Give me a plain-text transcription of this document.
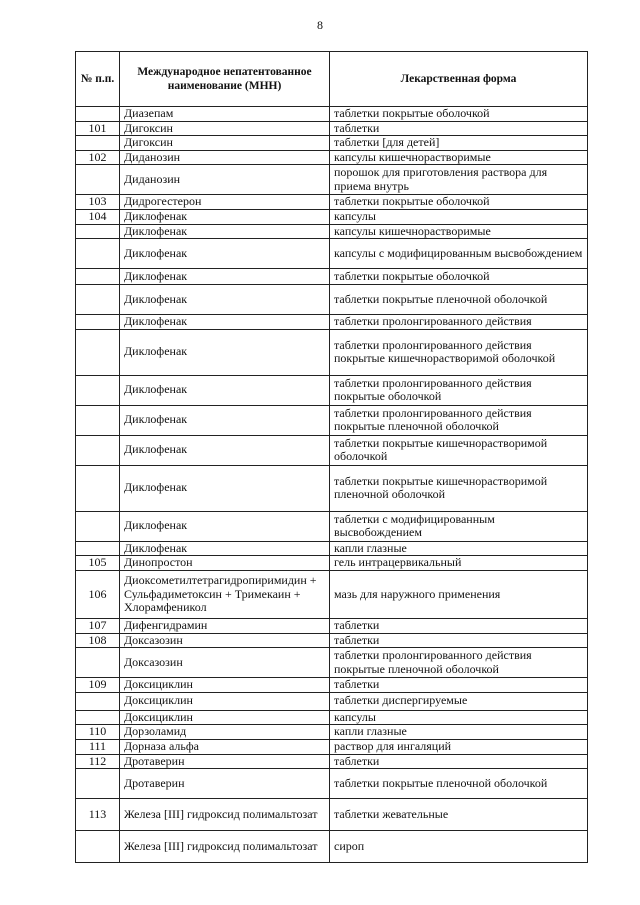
8
№ п.п.	Международное непатентованное наименование (МНН)	Лекарственная форма
	Диазепам	таблетки покрытые оболочкой
101	Дигоксин	таблетки
	Дигоксин	таблетки [для детей]
102	Диданозин	капсулы кишечнорастворимые
	Диданозин	порошок для приготовления раствора для приема внутрь
103	Дидрогестерон	таблетки покрытые оболочкой
104	Диклофенак	капсулы
	Диклофенак	капсулы кишечнорастворимые
	Диклофенак	капсулы с модифицированным высвобождением
	Диклофенак	таблетки покрытые оболочкой
	Диклофенак	таблетки покрытые пленочной оболочкой
	Диклофенак	таблетки пролонгированного действия
	Диклофенак	таблетки пролонгированного действия покрытые кишечнорастворимой оболочкой
	Диклофенак	таблетки пролонгированного действия покрытые оболочкой
	Диклофенак	таблетки пролонгированного действия покрытые пленочной оболочкой
	Диклофенак	таблетки покрытые кишечнорастворимой оболочкой
	Диклофенак	таблетки покрытые кишечнорастворимой пленочной оболочкой
	Диклофенак	таблетки с модифицированным высвобождением
	Диклофенак	капли глазные
105	Динопростон	гель интрацервикальный
106	Диоксометилтетрагидропиримидин + Сульфадиметоксин + Тримекаин + Хлорамфеникол	мазь для наружного применения
107	Дифенгидрамин	таблетки
108	Доксазозин	таблетки
	Доксазозин	таблетки пролонгированного действия покрытые пленочной оболочкой
109	Доксициклин	таблетки
	Доксициклин	таблетки диспергируемые
	Доксициклин	капсулы
110	Дорзоламид	капли глазные
111	Дорназа альфа	раствор для ингаляций
112	Дротаверин	таблетки
	Дротаверин	таблетки покрытые пленочной оболочкой
113	Железа [III] гидроксид полимальтозат	таблетки жевательные
	Железа [III] гидроксид полимальтозат	сироп
